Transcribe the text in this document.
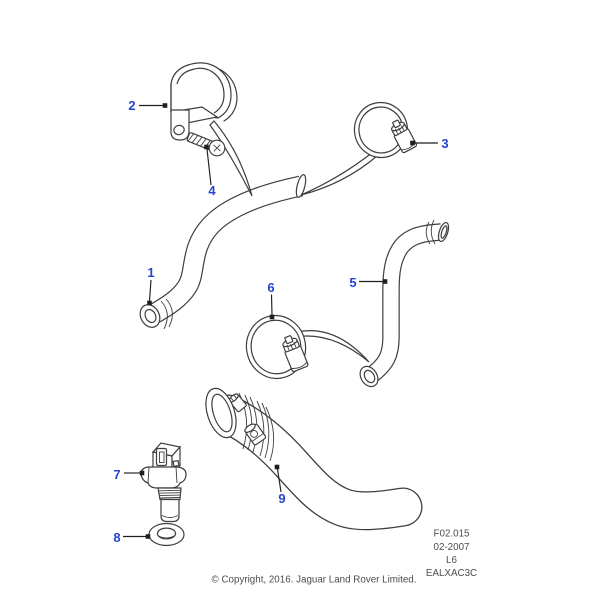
1
2
3
4
5
6
7
8
9
F02.015
02-2007
L6
EALXAC3C
© Copyright, 2016. Jaguar Land Rover Limited.
